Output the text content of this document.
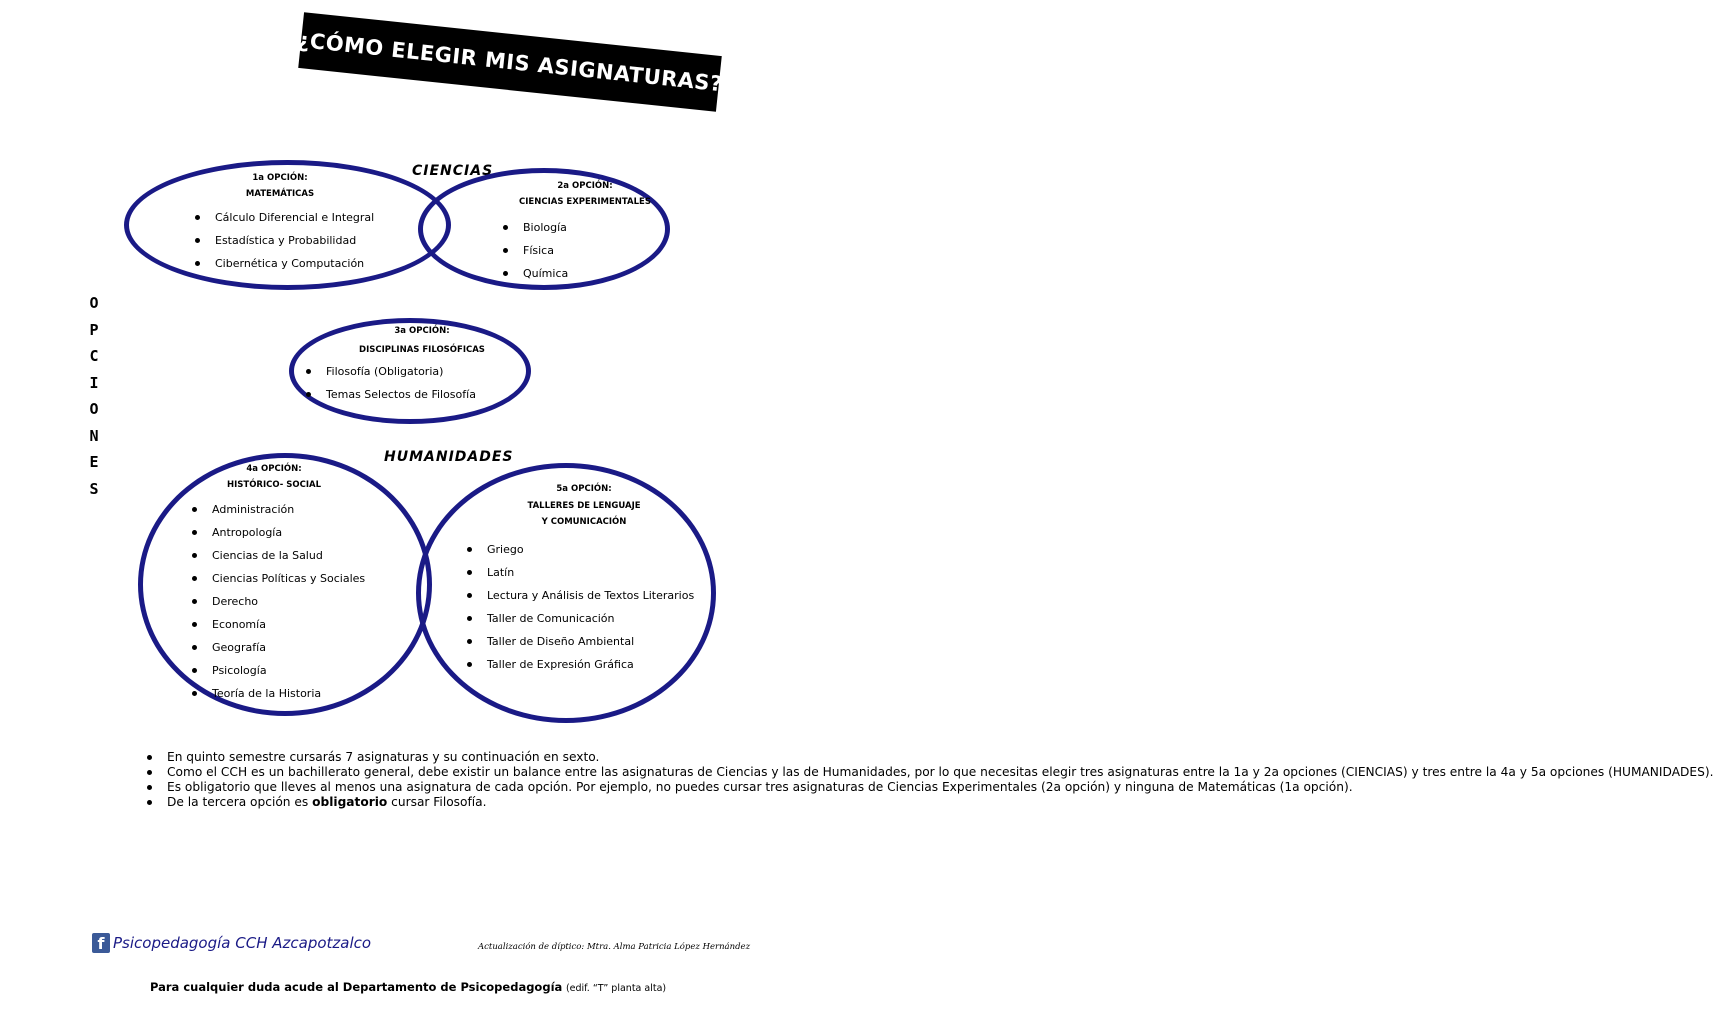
¿CÓMO ELEGIR MIS ASIGNATURAS?
CIENCIAS
HUMANIDADES
O
P
C
I
O
N
E
S
1a OPCIÓN:
MATEMÁTICAS
Cálculo Diferencial e Integral
Estadística y Probabilidad
Cibernética y Computación
2a OPCIÓN:
CIENCIAS EXPERIMENTALES
Biología
Física
Química
3a OPCIÓN:
DISCIPLINAS FILOSÓFICAS
Filosofía (Obligatoria)
Temas Selectos de Filosofía
4a OPCIÓN:
HISTÓRICO- SOCIAL
Administración
Antropología
Ciencias de la Salud
Ciencias Políticas y Sociales
Derecho
Economía
Geografía
Psicología
Teoría de la Historia
5a OPCIÓN:
TALLERES DE LENGUAJE
Y COMUNICACIÓN
Griego
Latín
Lectura y Análisis de Textos Literarios
Taller de Comunicación
Taller de Diseño Ambiental
Taller de Expresión Gráfica
En quinto semestre cursarás 7 asignaturas y su continuación en sexto.
Como el CCH es un bachillerato general, debe existir un balance entre las asignaturas de Ciencias y las de Humanidades, por lo que necesitas elegir tres asignaturas entre la 1a y 2a opciones (CIENCIAS) y tres entre la 4a y 5a opciones (HUMANIDADES).
Es obligatorio que lleves al menos una asignatura de cada opción. Por ejemplo, no puedes cursar tres asignaturas de Ciencias Experimentales (2a opción) y ninguna de Matemáticas (1a opción).
De la tercera opción es obligatorio cursar Filosofía.
f Psicopedagogía CCH Azcapotzalco	Actualización de díptico: Mtra. Alma Patricia López Hernández
Para cualquier duda acude al Departamento de Psicopedagogía (edif. “T” planta alta)
